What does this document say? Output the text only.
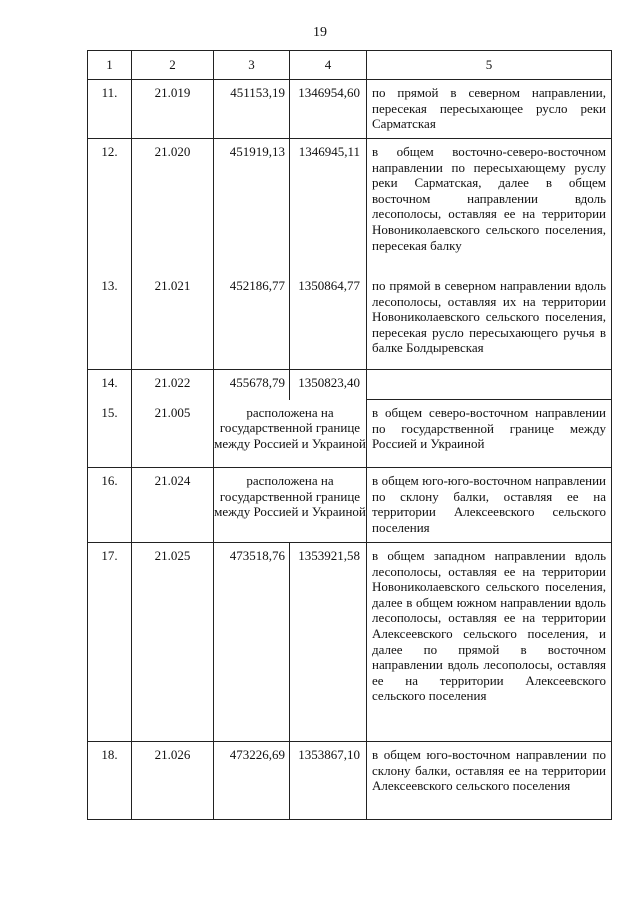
19
1	2	3	4	5

11.	21.019	451153,19	1346954,60	по прямой в северном направлении, пересекая пересыхающее русло реки Сарматская

12.	21.020	451919,13	1346945,11	в общем восточно-северо-восточном направлении по пересыхающему руслу реки Сарматская, далее в общем восточном направлении вдоль лесополосы, оставляя ее на территории Новониколаевского сельского поселения, пересекая балку

13.	21.021	452186,77	1350864,77	по прямой в северном направлении вдоль лесополосы, оставляя их на территории Новониколаевского сельского поселения, пересекая русло пересыхающего ручья в балке Болдыревская

14.	21.022	455678,79	1350823,40	

15.	21.005	расположена на государственной границе между Россией и Украиной		в общем северо-восточном направлении по государственной границе между Россией и Украиной

16.	21.024	расположена на государственной границе между Россией и Украиной		в общем юго-юго-восточном направлении по склону балки, оставляя ее на территории Алексеевского сельского поселения

17.	21.025	473518,76	1353921,58	в общем западном направлении вдоль лесополосы, оставляя ее на территории Новониколаевского сельского поселения, далее в общем южном направлении вдоль лесополосы, оставляя ее на территории Алексеевского сельского поселения, и далее по прямой в восточном направлении вдоль лесополосы, оставляя ее на территории Алексеевского сельского поселения

18.	21.026	473226,69	1353867,10	в общем юго-восточном направлении по склону балки, оставляя ее на территории Алексеевского сельского поселения
